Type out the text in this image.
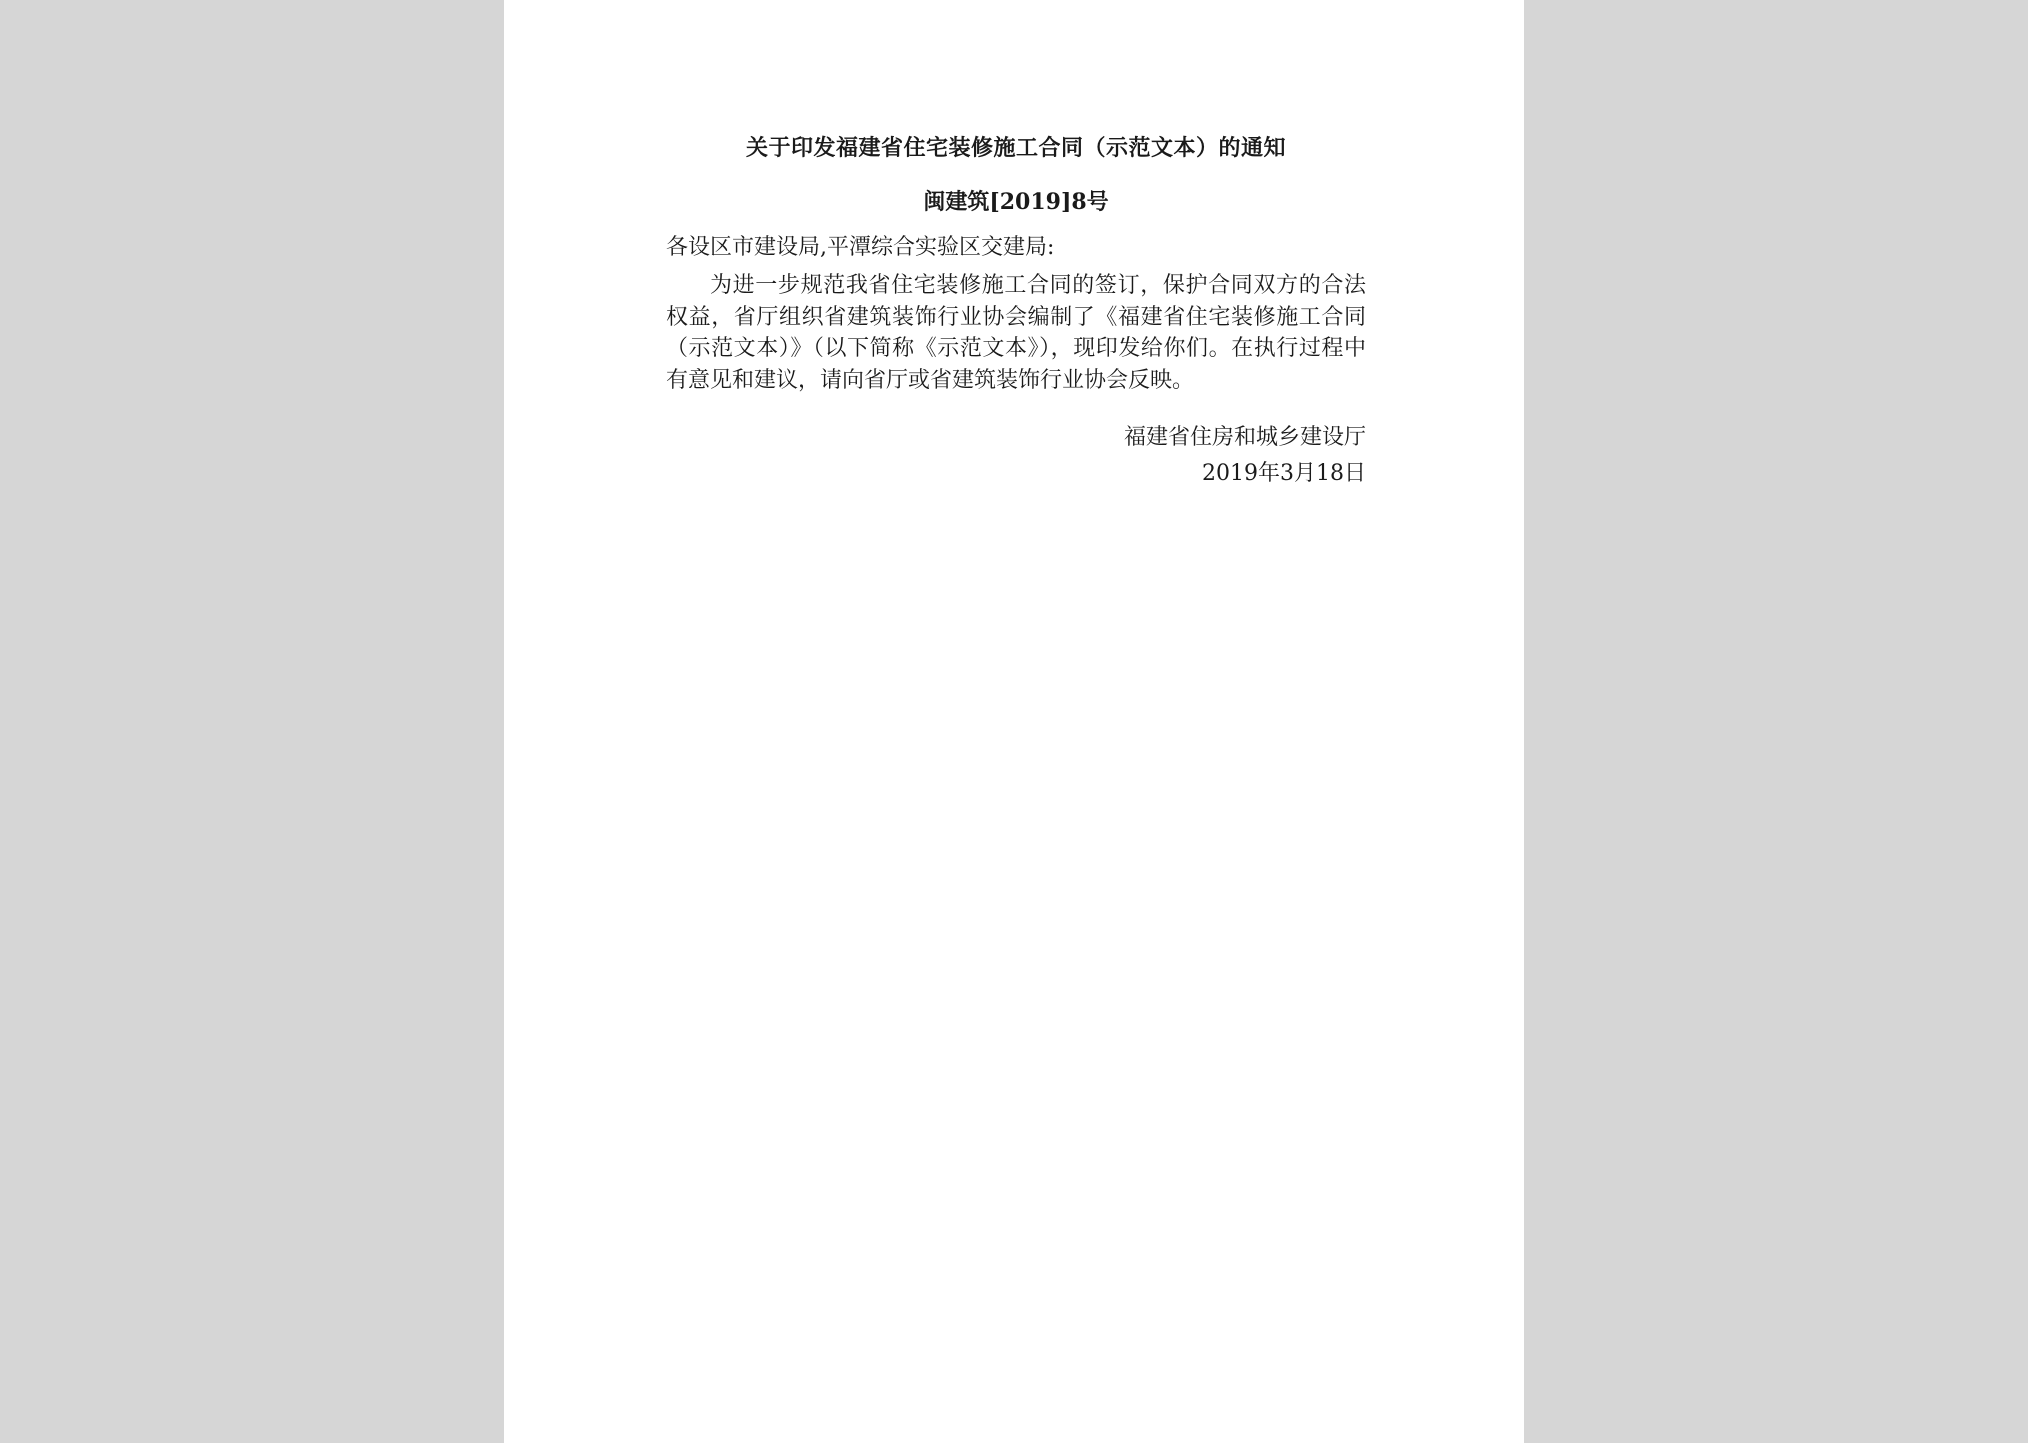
关于印发福建省住宅装修施工合同（示范文本）的通知

闽建筑[2019]8号

各设区市建设局,平潭综合实验区交建局:

为进一步规范我省住宅装修施工合同的签订，保护合同双方的合法权益，省厅组织省建筑装饰行业协会编制了《福建省住宅装修施工合同（示范文本）》（以下简称《示范文本》），现印发给你们。在执行过程中有意见和建议，请向省厅或省建筑装饰行业协会反映。

福建省住房和城乡建设厅

2019年3月18日
